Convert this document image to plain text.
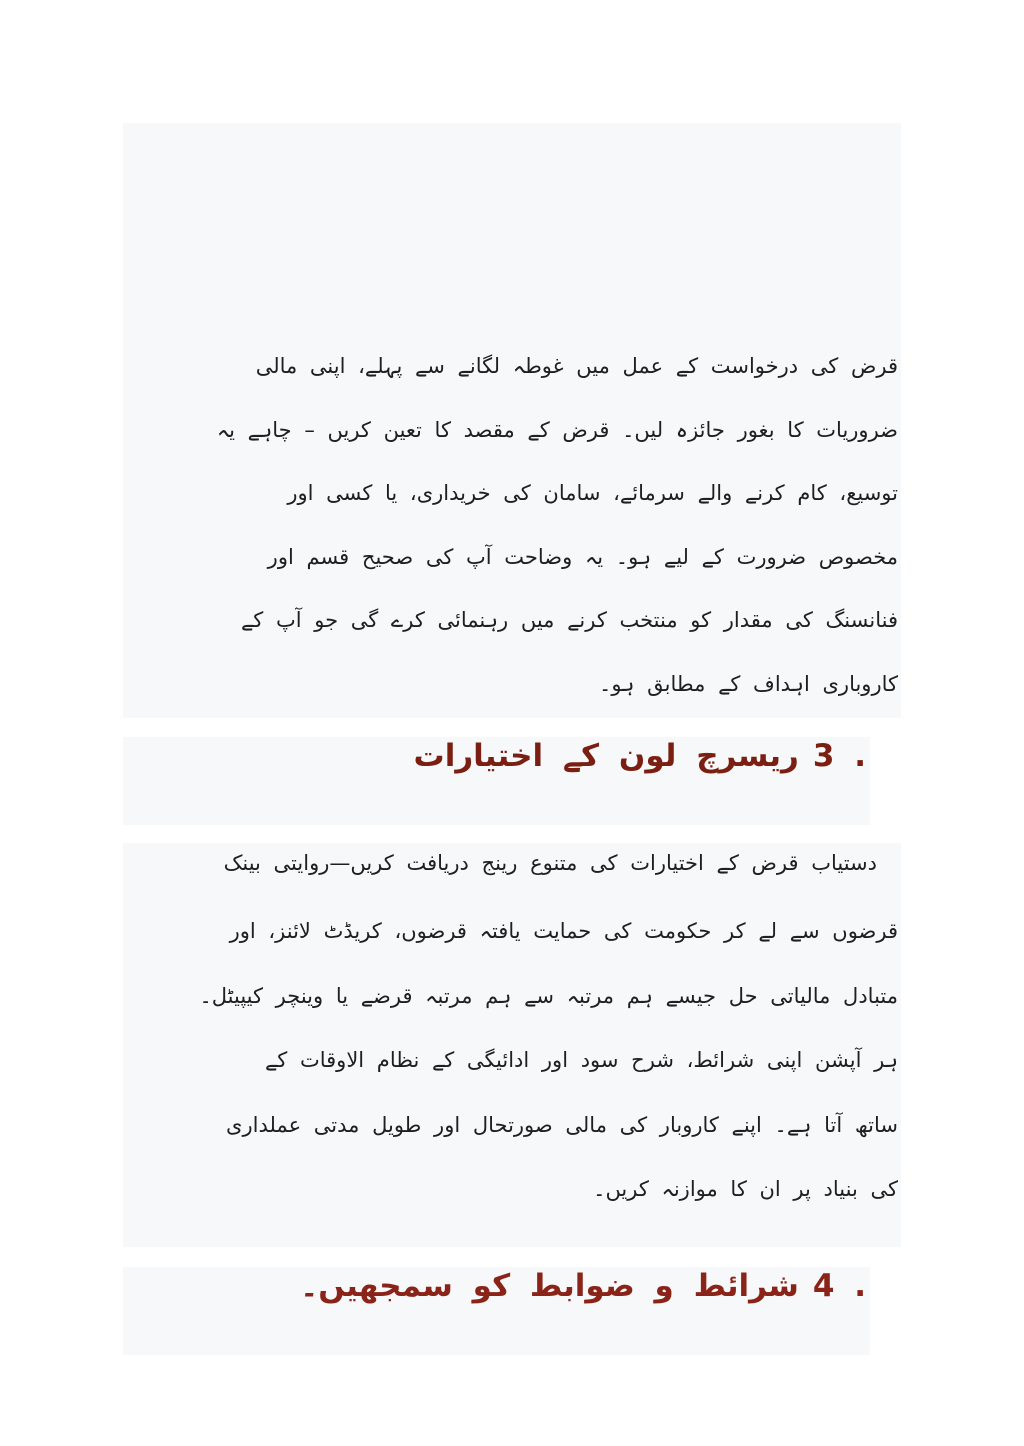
قرض کی درخواست کے عمل میں غوطہ لگانے سے پہلے، اپنی مالی
ضروریات کا بغور جائزہ لیں۔ قرض کے مقصد کا تعین کریں – چاہے یہ
توسیع، کام کرنے والے سرمائے، سامان کی خریداری، یا کسی اور
مخصوص ضرورت کے لیے ہو۔ یہ وضاحت آپ کی صحیح قسم اور
فنانسنگ کی مقدار کو منتخب کرنے میں رہنمائی کرے گی جو آپ کے
کاروباری اہداف کے مطابق ہو۔

3 .ریسرچ لون کے اختیارات

دستیاب قرض کے اختیارات کی متنوع رینج دریافت کریں—روایتی بینک
قرضوں سے لے کر حکومت کی حمایت یافتہ قرضوں، کریڈٹ لائنز، اور
متبادل مالیاتی حل جیسے ہم مرتبہ سے ہم مرتبہ قرضے یا وینچر کیپیٹل۔
ہر آپشن اپنی شرائط، شرح سود اور ادائیگی کے نظام الاوقات کے
ساتھ آتا ہے۔ اپنے کاروبار کی مالی صورتحال اور طویل مدتی عملداری
کی بنیاد پر ان کا موازنہ کریں۔

4 .شرائط و ضوابط کو سمجھیں۔
